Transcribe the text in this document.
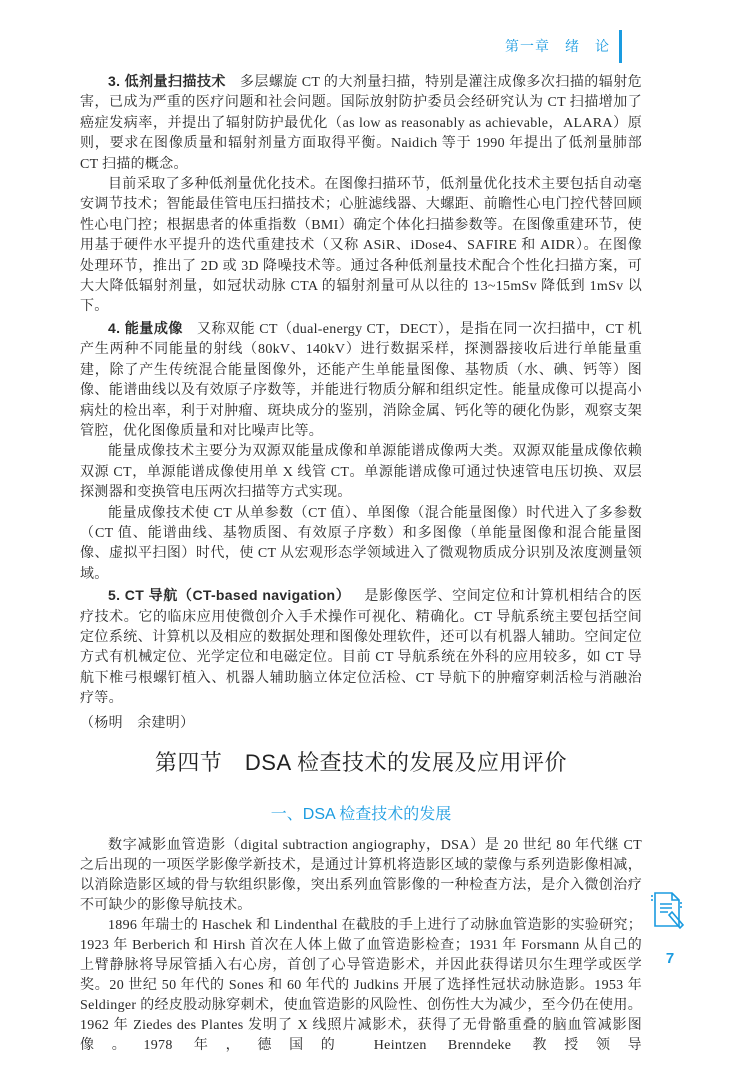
第一章　绪　论

3. 低剂量扫描技术 多层螺旋 CT 的大剂量扫描，特别是灌注成像多次扫描的辐射危害，已成为严重的医疗问题和社会问题。国际放射防护委员会经研究认为 CT 扫描增加了癌症发病率，并提出了辐射防护最优化（as low as reasonably as achievable，ALARA）原则，要求在图像质量和辐射剂量方面取得平衡。Naidich 等于 1990 年提出了低剂量肺部 CT 扫描的概念。

目前采取了多种低剂量优化技术。在图像扫描环节，低剂量优化技术主要包括自动毫安调节技术；智能最佳管电压扫描技术；心脏滤线器、大螺距、前瞻性心电门控代替回顾性心电门控；根据患者的体重指数（BMI）确定个体化扫描参数等。在图像重建环节，使用基于硬件水平提升的迭代重建技术（又称 ASiR、iDose4、SAFIRE 和 AIDR）。在图像处理环节，推出了 2D 或 3D 降噪技术等。通过各种低剂量技术配合个性化扫描方案，可大大降低辐射剂量，如冠状动脉 CTA 的辐射剂量可从以往的 13~15mSv 降低到 1mSv 以下。

4. 能量成像 又称双能 CT（dual-energy CT，DECT），是指在同一次扫描中，CT 机产生两种不同能量的射线（80kV、140kV）进行数据采样，探测器接收后进行单能量重建，除了产生传统混合能量图像外，还能产生单能量图像、基物质（水、碘、钙等）图像、能谱曲线以及有效原子序数等，并能进行物质分解和组织定性。能量成像可以提高小病灶的检出率，利于对肿瘤、斑块成分的鉴别，消除金属、钙化等的硬化伪影，观察支架管腔，优化图像质量和对比噪声比等。

能量成像技术主要分为双源双能量成像和单源能谱成像两大类。双源双能量成像依赖双源 CT，单源能谱成像使用单 X 线管 CT。单源能谱成像可通过快速管电压切换、双层探测器和变换管电压两次扫描等方式实现。

能量成像技术使 CT 从单参数（CT 值）、单图像（混合能量图像）时代进入了多参数（CT 值、能谱曲线、基物质图、有效原子序数）和多图像（单能量图像和混合能量图像、虚拟平扫图）时代，使 CT 从宏观形态学领域进入了微观物质成分识别及浓度测量领域。

5. CT 导航（CT-based navigation） 是影像医学、空间定位和计算机相结合的医疗技术。它的临床应用使微创介入手术操作可视化、精确化。CT 导航系统主要包括空间定位系统、计算机以及相应的数据处理和图像处理软件，还可以有机器人辅助。空间定位方式有机械定位、光学定位和电磁定位。目前 CT 导航系统在外科的应用较多，如 CT 导航下椎弓根螺钉植入、机器人辅助脑立体定位活检、CT 导航下的肿瘤穿刺活检与消融治疗等。

（杨明　余建明）

第四节　DSA 检查技术的发展及应用评价
一、DSA 检查技术的发展

数字减影血管造影（digital subtraction angiography，DSA）是 20 世纪 80 年代继 CT 之后出现的一项医学影像学新技术，是通过计算机将造影区域的蒙像与系列造影像相减，以消除造影区域的骨与软组织影像，突出系列血管影像的一种检查方法，是介入微创治疗不可缺少的影像导航技术。

1896 年瑞士的 Haschek 和 Lindenthal 在截肢的手上进行了动脉血管造影的实验研究；1923 年 Berberich 和 Hirsh 首次在人体上做了血管造影检查；1931 年 Forsmann 从自己的上臂静脉将导尿管插入右心房，首创了心导管造影术，并因此获得诺贝尔生理学或医学奖。20 世纪 50 年代的 Sones 和 60 年代的 Judkins 开展了选择性冠状动脉造影。1953 年 Seldinger 的经皮股动脉穿刺术，使血管造影的风险性、创伤性大为减少，至今仍在使用。1962 年 Ziedes des Plantes 发明了 X 线照片减影术，获得了无骨骼重叠的脑血管减影图像。1978 年，德国的 Heintzen Brenndeke 教授领导

7
